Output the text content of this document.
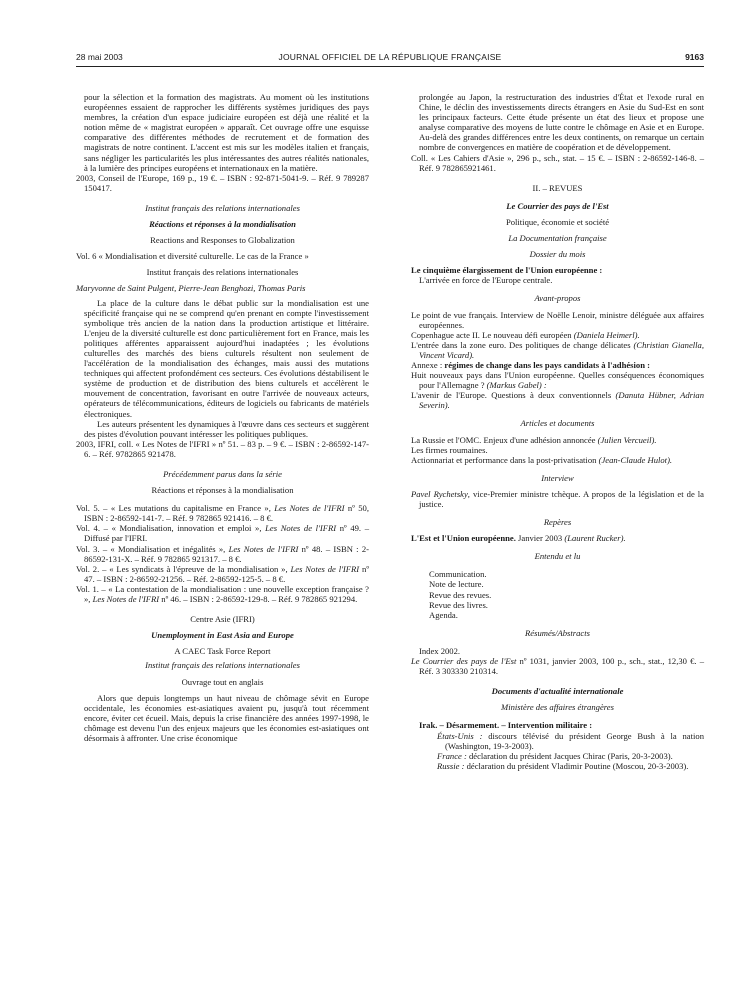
28 mai 2003	JOURNAL OFFICIEL DE LA RÉPUBLIQUE FRANÇAISE	9163

pour la sélection et la formation des magistrats. Au moment où les institutions européennes essaient de rapprocher les différents systèmes juridiques des pays membres, la création d'un espace judiciaire européen est déjà une réalité et la notion même de « magistrat européen » apparaît. Cet ouvrage offre une esquisse comparative des différentes méthodes de recrutement et de formation des magistrats de notre continent. L'accent est mis sur les modèles italien et français, sans négliger les particularités les plus intéressantes des autres réalités nationales, à la lumière des principes européens et internationaux en la matière.

2003, Conseil de l'Europe, 169 p., 19 €. – ISBN : 92-871-5041-9. – Réf. 9 789287 150417.

Institut français des relations internationales

Réactions et réponses à la mondialisation

Reactions and Responses to Globalization

Vol. 6 « Mondialisation et diversité culturelle. Le cas de la France »

Institut français des relations internationales

Maryvonne de Saint Pulgent, Pierre-Jean Benghozi, Thomas Paris

La place de la culture dans le débat public sur la mondialisation est une spécificité française qui ne se comprend qu'en prenant en compte l'investissement symbolique très ancien de la nation dans la production artistique et littéraire. L'enjeu de la diversité culturelle est donc particulièrement fort en France, mais les politiques afférentes apparaissent aujourd'hui inadaptées ; les évolutions culturelles des marchés des biens culturels résultent non seulement de l'accélération de la mondialisation des échanges, mais aussi des mutations techniques qui affectent profondément ces secteurs. Ces évolutions déstabilisent le système de production et de distribution des biens culturels et accélèrent le mouvement de concentration, favorisant en outre l'arrivée de nouveaux acteurs, opérateurs de télécommunications, éditeurs de logiciels ou fabricants de matériels électroniques.

Les auteurs présentent les dynamiques à l'œuvre dans ces secteurs et suggèrent des pistes d'évolution pouvant intéresser les politiques publiques.

2003, IFRI, coll. « Les Notes de l'IFRI » nº 51. – 83 p. – 9 €. – ISBN : 2-86592-147-6. – Réf. 9782865 921478.

Précédemment parus dans la série

Réactions et réponses à la mondialisation

Vol. 5. – « Les mutations du capitalisme en France », Les Notes de l'IFRI nº 50, ISBN : 2-86592-141-7. – Réf. 9 782865 921416. – 8 €.

Vol. 4. – « Mondialisation, innovation et emploi », Les Notes de l'IFRI nº 49. – Diffusé par l'IFRI.

Vol. 3. – « Mondialisation et inégalités », Les Notes de l'IFRI nº 48. – ISBN : 2-86592-131-X. – Réf. 9 782865 921317. – 8 €.

Vol. 2. – « Les syndicats à l'épreuve de la mondialisation », Les Notes de l'IFRI nº 47. – ISBN : 2-86592-21256. – Réf. 2-86592-125-5. – 8 €.

Vol. 1. – « La contestation de la mondialisation : une nouvelle exception française ? », Les Notes de l'IFRI nº 46. – ISBN : 2-86592-129-8. – Réf. 9 782865 921294.

Centre Asie (IFRI)

Unemployment in East Asia and Europe

A CAEC Task Force Report

Institut français des relations internationales

Ouvrage tout en anglais

Alors que depuis longtemps un haut niveau de chômage sévit en Europe occidentale, les économies est-asiatiques avaient pu, jusqu'à tout récemment encore, éviter cet écueil. Mais, depuis la crise financière des années 1997-1998, le chômage est devenu l'un des enjeux majeurs que les économies est-asiatiques ont désormais à affronter. Une crise économique

prolongée au Japon, la restructuration des industries d'État et l'exode rural en Chine, le déclin des investissements directs étrangers en Asie du Sud-Est en sont les principaux facteurs. Cette étude présente un état des lieux et propose une analyse comparative des moyens de lutte contre le chômage en Asie et en Europe. Au-delà des grandes différences entre les deux continents, on remarque un certain nombre de convergences en matière de coopération et de développement.

Coll. « Les Cahiers d'Asie », 296 p., sch., stat. – 15 €. – ISBN : 2-86592-146-8. – Réf. 9 782865921461.

II. – REVUES

Le Courrier des pays de l'Est

Politique, économie et société

La Documentation française

Dossier du mois

Le cinquième élargissement de l'Union européenne :

L'arrivée en force de l'Europe centrale.

Avant-propos

Le point de vue français. Interview de Noëlle Lenoir, ministre déléguée aux affaires européennes.

Copenhague acte II. Le nouveau défi européen (Daniela Heimerl).

L'entrée dans la zone euro. Des politiques de change délicates (Christian Gianella, Vincent Vicard).

Annexe : régimes de change dans les pays candidats à l'adhésion :

Huit nouveaux pays dans l'Union européenne. Quelles conséquences économiques pour l'Allemagne ? (Markus Gabel) :

L'avenir de l'Europe. Questions à deux conventionnels (Danuta Hübner, Adrian Severin).

Articles et documents

La Russie et l'OMC. Enjeux d'une adhésion annoncée (Julien Vercueil).

Les firmes roumaines.

Actionnariat et performance dans la post-privatisation (Jean-Claude Hulot).

Interview

Pavel Rychetsky, vice-Premier ministre tchèque. A propos de la législation et de la justice.

Repères

L'Est et l'Union européenne. Janvier 2003 (Laurent Rucker).

Entendu et lu

Communication.

Note de lecture.

Revue des revues.

Revue des livres.

Agenda.

Résumés/Abstracts

Index 2002.

Le Courrier des pays de l'Est nº 1031, janvier 2003, 100 p., sch., stat., 12,30 €. – Réf. 3 303330 210314.

Documents d'actualité internationale

Ministère des affaires étrangères

Irak. – Désarmement. – Intervention militaire :

États-Unis : discours télévisé du président George Bush à la nation (Washington, 19-3-2003).

France : déclaration du président Jacques Chirac (Paris, 20-3-2003).

Russie : déclaration du président Vladimir Poutine (Moscou, 20-3-2003).
